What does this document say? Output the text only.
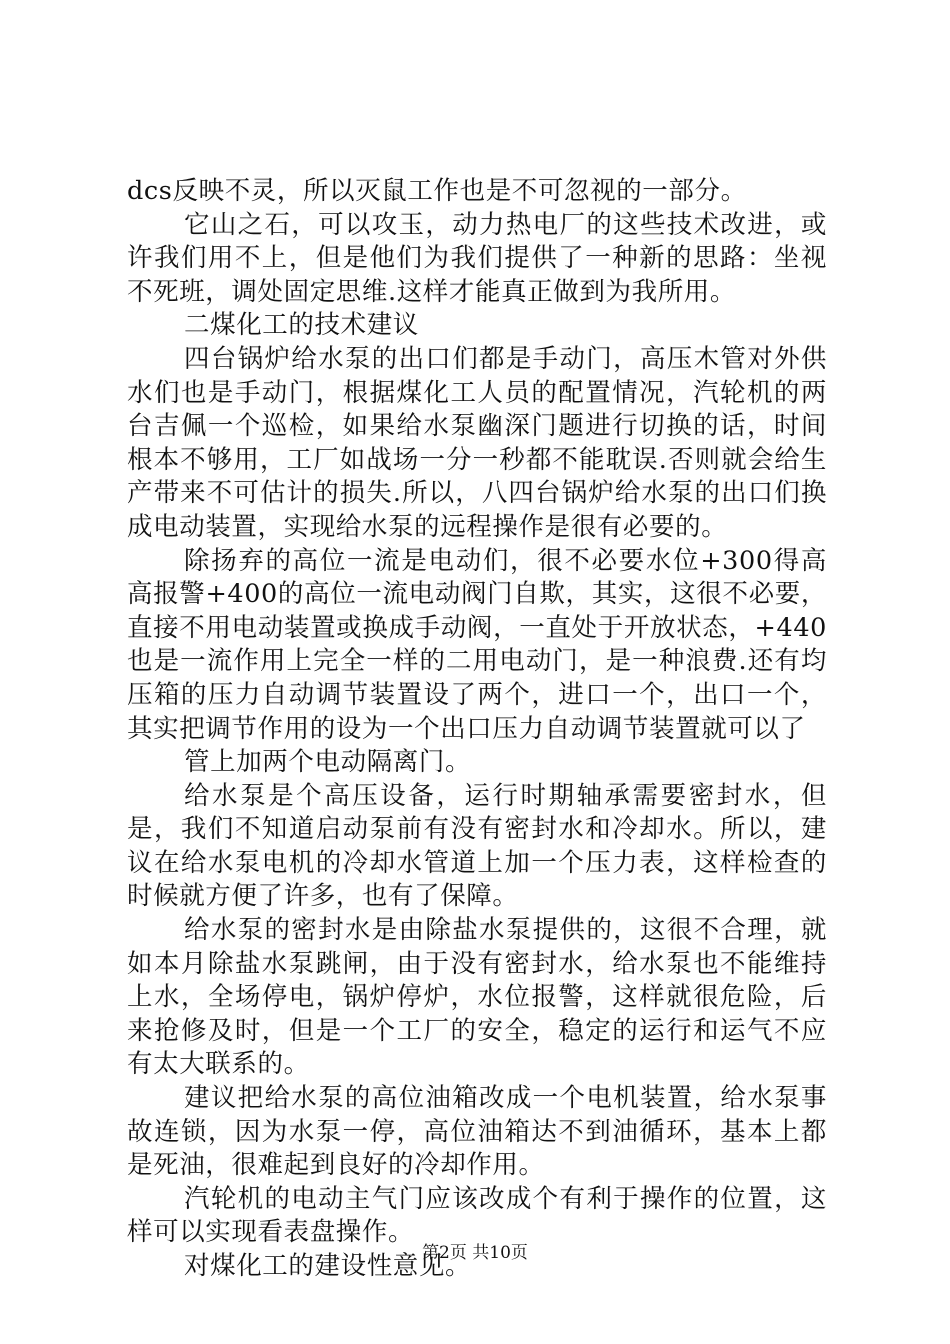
dcs反映不灵，所以灭鼠工作也是不可忽视的一部分。

它山之石，可以攻玉，动力热电厂的这些技术改进，或许我们用不上，但是他们为我们提供了一种新的思路：坐视不死班，调处固定思维.这样才能真正做到为我所用。

二煤化工的技术建议

四台锅炉给水泵的出口们都是手动门，高压木管对外供水们也是手动门，根据煤化工人员的配置情况，汽轮机的两台吉佩一个巡检，如果给水泵幽深门题进行切换的话，时间根本不够用，工厂如战场一分一秒都不能耽误.否则就会给生产带来不可估计的损失.所以，八四台锅炉给水泵的出口们换成电动装置，实现给水泵的远程操作是很有必要的。

除扬弃的高位一流是电动们，很不必要水位+300得高高报警+400的高位一流电动阀门自欺，其实，这很不必要，直接不用电动装置或换成手动阀，一直处于开放状态，+440也是一流作用上完全一样的二用电动门，是一种浪费.还有均压箱的压力自动调节装置设了两个，进口一个，出口一个，其实把调节作用的设为一个出口压力自动调节装置就可以了

管上加两个电动隔离门。

给水泵是个高压设备，运行时期轴承需要密封水，但是，我们不知道启动泵前有没有密封水和冷却水。所以，建议在给水泵电机的冷却水管道上加一个压力表，这样检查的时候就方便了许多，也有了保障。

给水泵的密封水是由除盐水泵提供的，这很不合理，就如本月除盐水泵跳闸，由于没有密封水，给水泵也不能维持上水，全场停电，锅炉停炉，水位报警，这样就很危险，后来抢修及时，但是一个工厂的安全，稳定的运行和运气不应有太大联系的。

建议把给水泵的高位油箱改成一个电机装置，给水泵事故连锁，因为水泵一停，高位油箱达不到油循环，基本上都是死油，很难起到良好的冷却作用。

汽轮机的电动主气门应该改成个有利于操作的位置，这样可以实现看表盘操作。

对煤化工的建设性意见。

第2页 共10页
